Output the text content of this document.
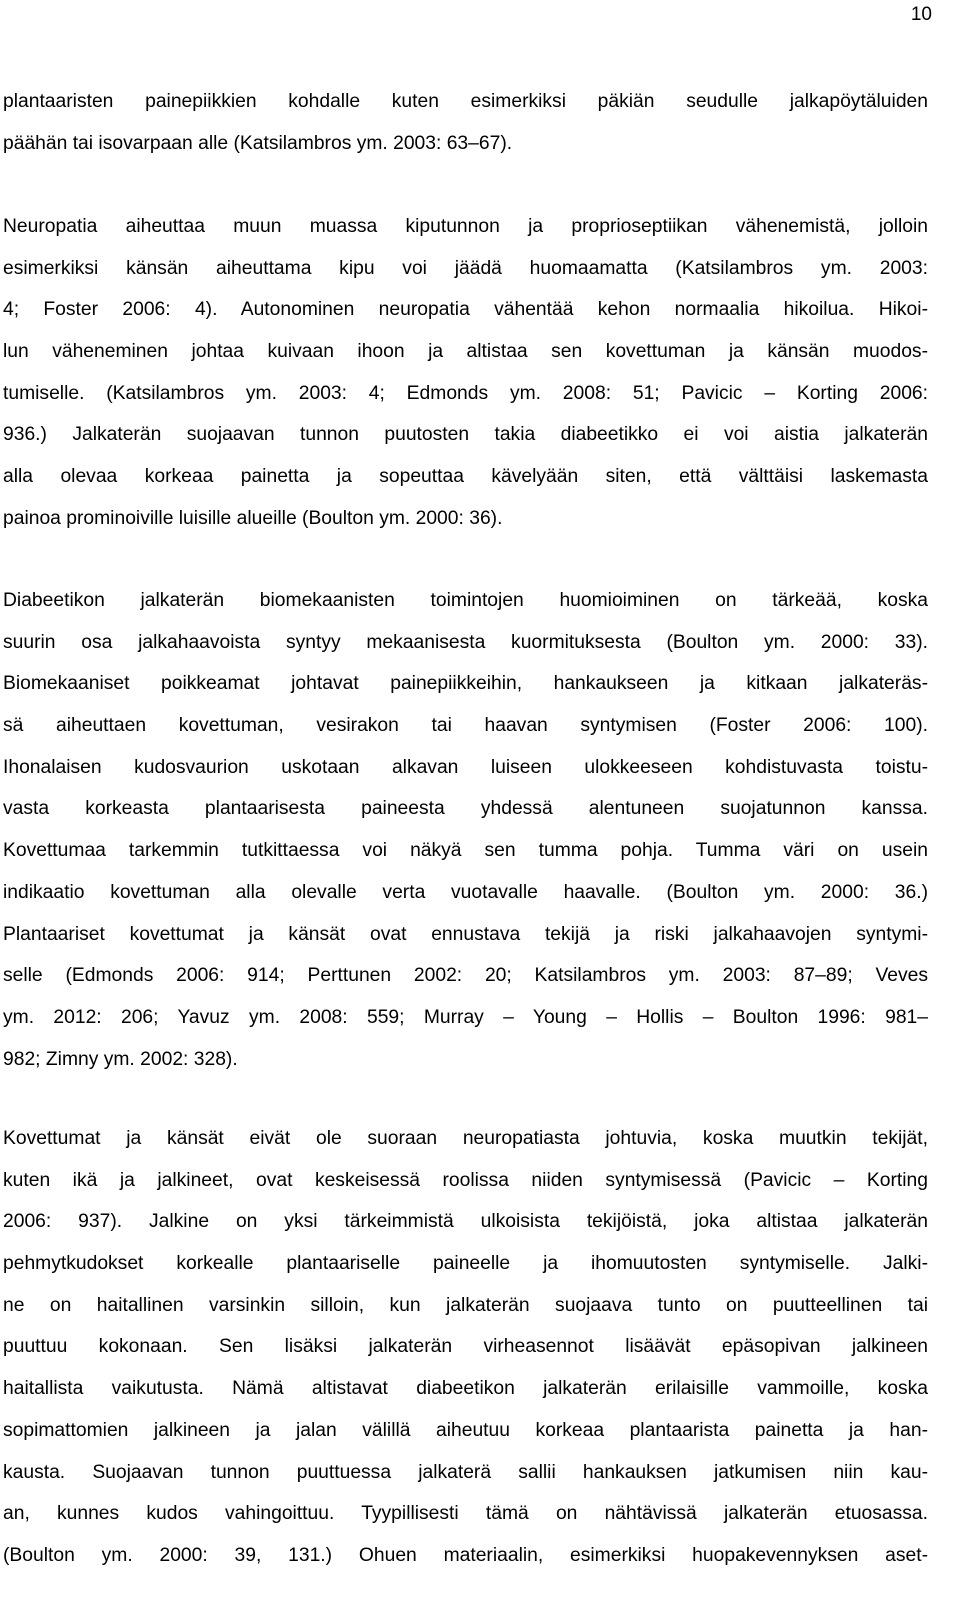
10
plantaaristen painepiikkien kohdalle kuten esimerkiksi päkiän seudulle jalkapöytäluiden
päähän tai isovarpaan alle (Katsilambros ym. 2003: 63–67).
Neuropatia aiheuttaa muun muassa kiputunnon ja proprioseptiikan vähenemistä, jolloin
esimerkiksi känsän aiheuttama kipu voi jäädä huomaamatta (Katsilambros ym. 2003:
4; Foster 2006: 4). Autonominen neuropatia vähentää kehon normaalia hikoilua. Hikoi-
lun väheneminen johtaa kuivaan ihoon ja altistaa sen kovettuman ja känsän muodos-
tumiselle. (Katsilambros ym. 2003: 4; Edmonds ym. 2008: 51; Pavicic – Korting 2006:
936.) Jalkaterän suojaavan tunnon puutosten takia diabeetikko ei voi aistia jalkaterän
alla olevaa korkeaa painetta ja sopeuttaa kävelyään siten, että välttäisi laskemasta
painoa prominoiville luisille alueille (Boulton ym. 2000: 36).
Diabeetikon jalkaterän biomekaanisten toimintojen huomioiminen on tärkeää, koska
suurin osa jalkahaavoista syntyy mekaanisesta kuormituksesta (Boulton ym. 2000: 33).
Biomekaaniset poikkeamat johtavat painepiikkeihin, hankaukseen ja kitkaan jalkateräs-
sä aiheuttaen kovettuman, vesirakon tai haavan syntymisen (Foster 2006: 100).
Ihonalaisen kudosvaurion uskotaan alkavan luiseen ulokkeeseen kohdistuvasta toistu-
vasta korkeasta plantaarisesta paineesta yhdessä alentuneen suojatunnon kanssa.
Kovettumaa tarkemmin tutkittaessa voi näkyä sen tumma pohja. Tumma väri on usein
indikaatio kovettuman alla olevalle verta vuotavalle haavalle. (Boulton ym. 2000: 36.)
Plantaariset kovettumat ja känsät ovat ennustava tekijä ja riski jalkahaavojen syntymi-
selle (Edmonds 2006: 914; Perttunen 2002: 20; Katsilambros ym. 2003: 87–89; Veves
ym. 2012: 206; Yavuz ym. 2008: 559; Murray – Young – Hollis – Boulton 1996: 981–
982; Zimny ym. 2002: 328).
Kovettumat ja känsät eivät ole suoraan neuropatiasta johtuvia, koska muutkin tekijät,
kuten ikä ja jalkineet, ovat keskeisessä roolissa niiden syntymisessä (Pavicic – Korting
2006: 937). Jalkine on yksi tärkeimmistä ulkoisista tekijöistä, joka altistaa jalkaterän
pehmytkudokset korkealle plantaariselle paineelle ja ihomuutosten syntymiselle. Jalki-
ne on haitallinen varsinkin silloin, kun jalkaterän suojaava tunto on puutteellinen tai
puuttuu kokonaan. Sen lisäksi jalkaterän virheasennot lisäävät epäsopivan jalkineen
haitallista vaikutusta. Nämä altistavat diabeetikon jalkaterän erilaisille vammoille, koska
sopimattomien jalkineen ja jalan välillä aiheutuu korkeaa plantaarista painetta ja han-
kausta. Suojaavan tunnon puuttuessa jalkaterä sallii hankauksen jatkumisen niin kau-
an, kunnes kudos vahingoittuu. Tyypillisesti tämä on nähtävissä jalkaterän etuosassa.
(Boulton ym. 2000: 39, 131.) Ohuen materiaalin, esimerkiksi huopakevennyksen aset-
